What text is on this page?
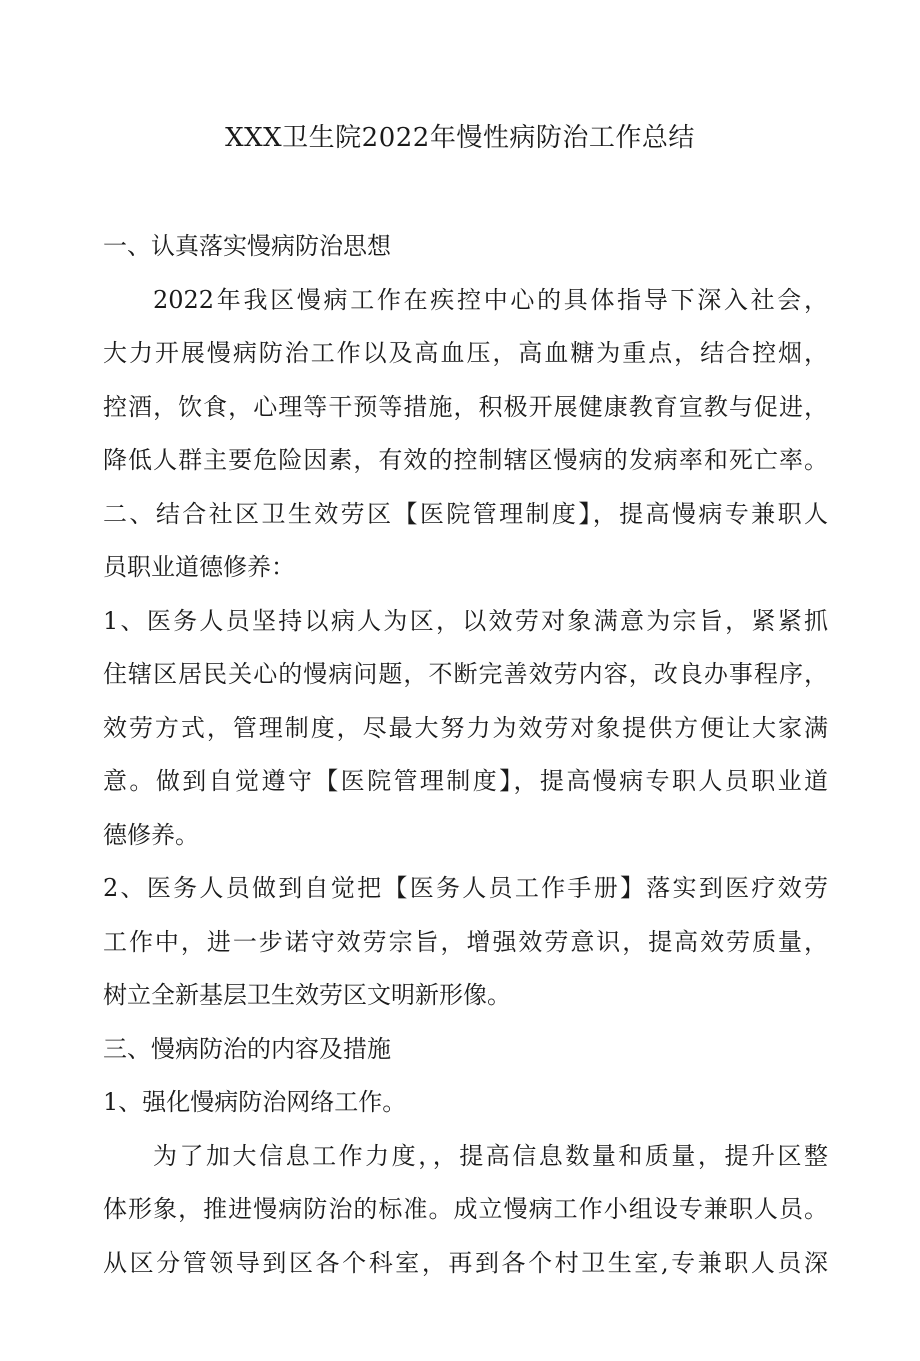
XXX卫生院2022年慢性病防治工作总结
一、认真落实慢病防治思想
2022年我区慢病工作在疾控中心的具体指导下深入社会，
大力开展慢病防治工作以及高血压，高血糖为重点，结合控烟，
控酒，饮食，心理等干预等措施，积极开展健康教育宣教与促进，
降低人群主要危险因素，有效的控制辖区慢病的发病率和死亡率。
二、结合社区卫生效劳区【医院管理制度】，提高慢病专兼职人
员职业道德修养：
1、医务人员坚持以病人为区，以效劳对象满意为宗旨，紧紧抓
住辖区居民关心的慢病问题，不断完善效劳内容，改良办事程序，
效劳方式，管理制度，尽最大努力为效劳对象提供方便让大家满
意。做到自觉遵守【医院管理制度】，提高慢病专职人员职业道
德修养。
2、医务人员做到自觉把【医务人员工作手册】落实到医疗效劳
工作中，进一步诺守效劳宗旨，增强效劳意识，提高效劳质量，
树立全新基层卫生效劳区文明新形像。
三、慢病防治的内容及措施
1、强化慢病防治网络工作。
为了加大信息工作力度，，提高信息数量和质量，提升区整
体形象，推进慢病防治的标准。成立慢病工作小组设专兼职人员。
从区分管领导到区各个科室，再到各个村卫生室,专兼职人员深
